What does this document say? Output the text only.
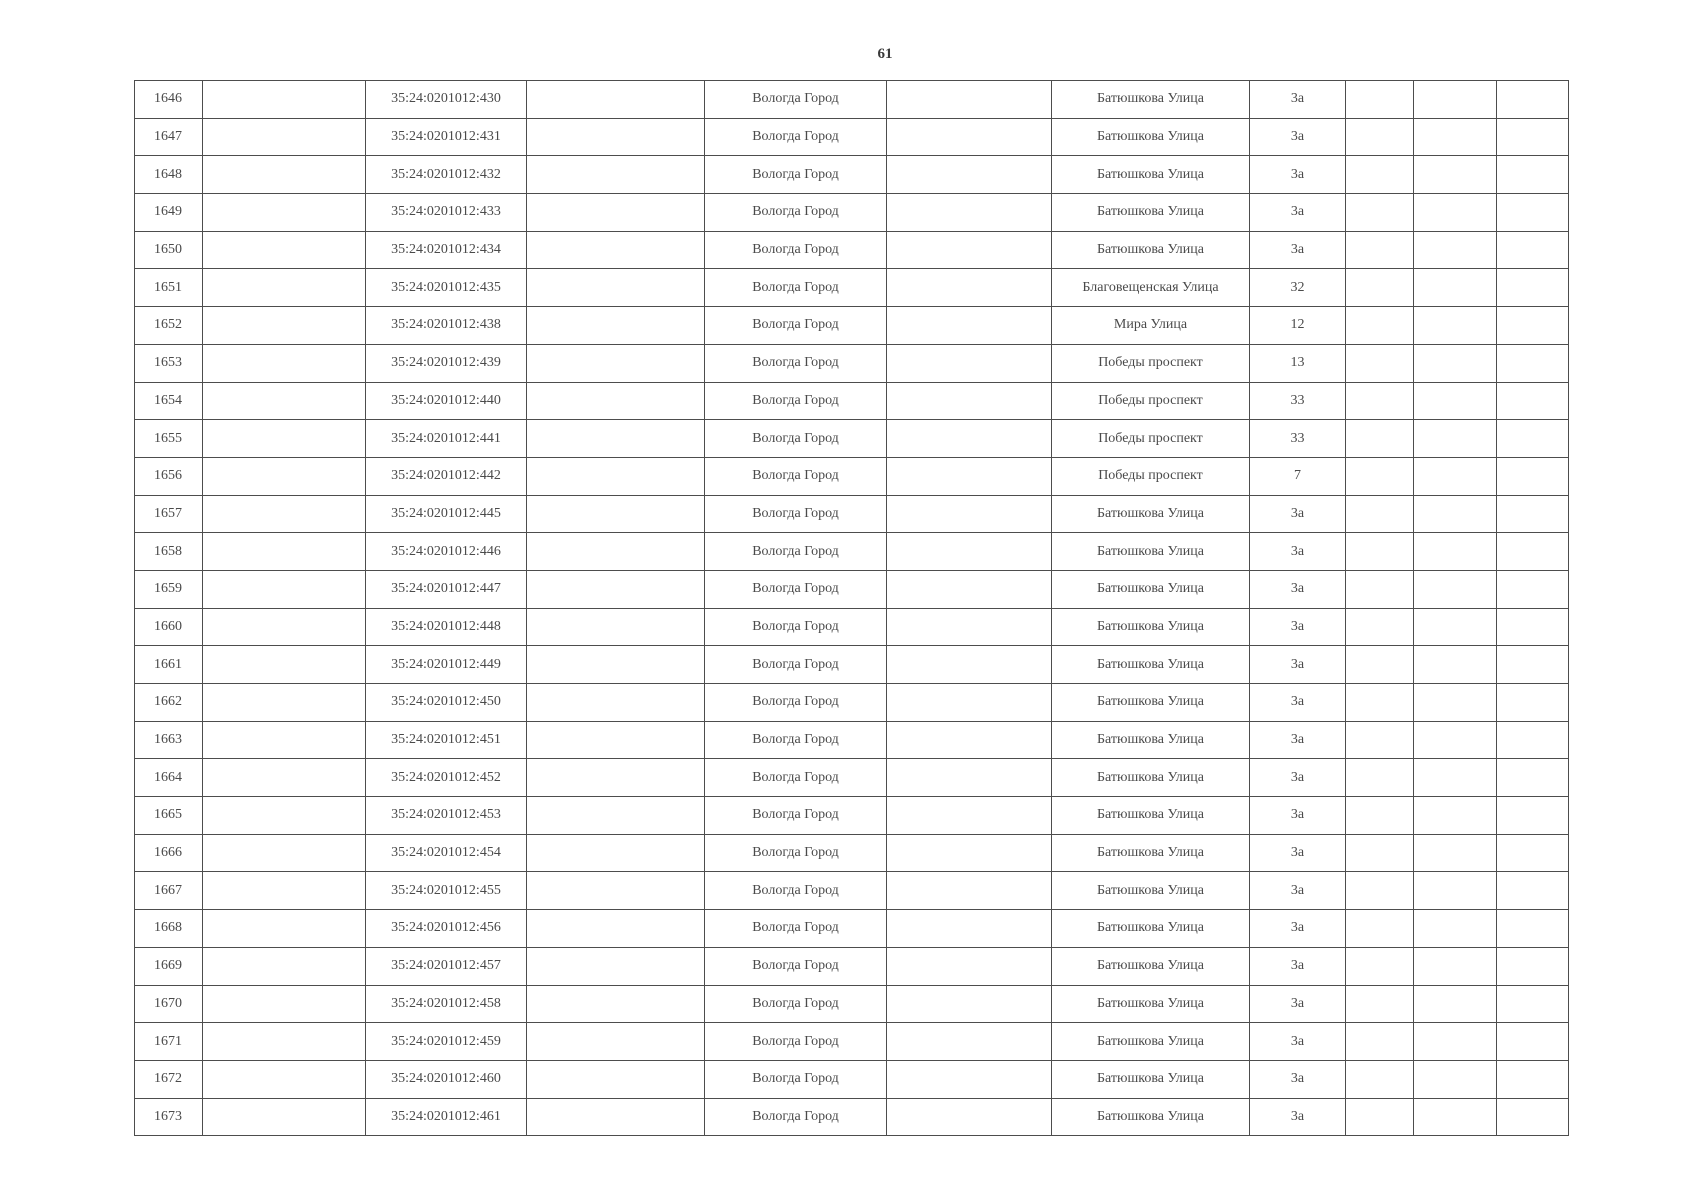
61
1646		35:24:0201012:430		Вологда Город		Батюшкова Улица	3а			
1647		35:24:0201012:431		Вологда Город		Батюшкова Улица	3а			
1648		35:24:0201012:432		Вологда Город		Батюшкова Улица	3а			
1649		35:24:0201012:433		Вологда Город		Батюшкова Улица	3а			
1650		35:24:0201012:434		Вологда Город		Батюшкова Улица	3а			
1651		35:24:0201012:435		Вологда Город		Благовещенская Улица	32			
1652		35:24:0201012:438		Вологда Город		Мира Улица	12			
1653		35:24:0201012:439		Вологда Город		Победы проспект	13			
1654		35:24:0201012:440		Вологда Город		Победы проспект	33			
1655		35:24:0201012:441		Вологда Город		Победы проспект	33			
1656		35:24:0201012:442		Вологда Город		Победы проспект	7			
1657		35:24:0201012:445		Вологда Город		Батюшкова Улица	3а			
1658		35:24:0201012:446		Вологда Город		Батюшкова Улица	3а			
1659		35:24:0201012:447		Вологда Город		Батюшкова Улица	3а			
1660		35:24:0201012:448		Вологда Город		Батюшкова Улица	3а			
1661		35:24:0201012:449		Вологда Город		Батюшкова Улица	3а			
1662		35:24:0201012:450		Вологда Город		Батюшкова Улица	3а			
1663		35:24:0201012:451		Вологда Город		Батюшкова Улица	3а			
1664		35:24:0201012:452		Вологда Город		Батюшкова Улица	3а			
1665		35:24:0201012:453		Вологда Город		Батюшкова Улица	3а			
1666		35:24:0201012:454		Вологда Город		Батюшкова Улица	3а			
1667		35:24:0201012:455		Вологда Город		Батюшкова Улица	3а			
1668		35:24:0201012:456		Вологда Город		Батюшкова Улица	3а			
1669		35:24:0201012:457		Вологда Город		Батюшкова Улица	3а			
1670		35:24:0201012:458		Вологда Город		Батюшкова Улица	3а			
1671		35:24:0201012:459		Вологда Город		Батюшкова Улица	3а			
1672		35:24:0201012:460		Вологда Город		Батюшкова Улица	3а			
1673		35:24:0201012:461		Вологда Город		Батюшкова Улица	3а			
